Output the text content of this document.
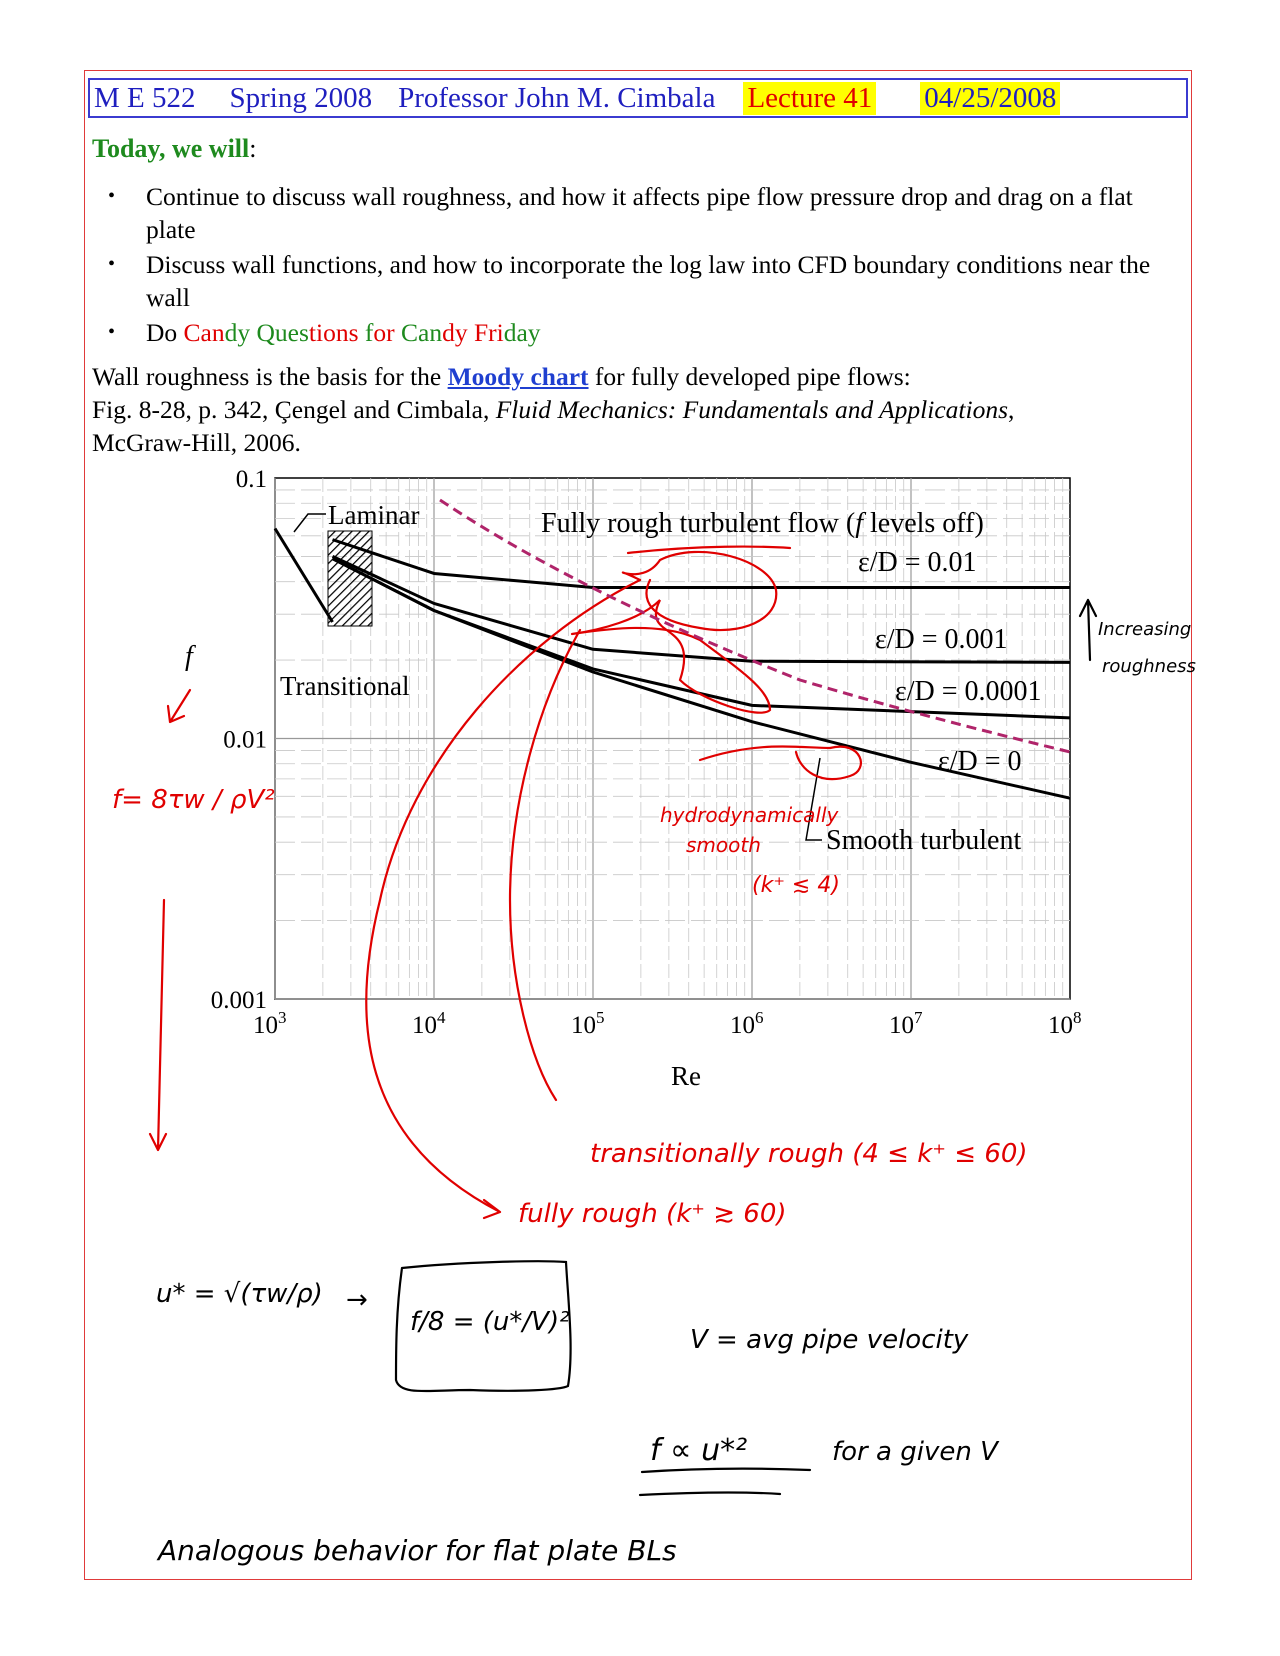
M E 522 Spring 2008 Professor John M. Cimbala Lecture 41 04/25/2008
Today, we will:
• Continue to discuss wall roughness, and how it affects pipe flow pressure drop and drag on a flat plate
• Discuss wall functions, and how to incorporate the log law into CFD boundary conditions near the wall
• Do Candy Questions for Candy Friday
Wall roughness is the basis for the Moody chart for fully developed pipe flows:
Fig. 8-28, p. 342, Çengel and Cimbala, Fluid Mechanics: Fundamentals and Applications,
McGraw-Hill, 2006.
$10^3$	$10^4$	$10^5$	$10^6$	$10^7$	$10^8$
0.1
0.01
0.001
Laminar
Transitional
Fully rough turbulent flow (f levels off)
ε/D = 0.01
ε/D = 0.001
ε/D = 0.0001
ε/D = 0
Smooth turbulent
Re
f
f= 8τw / ρV²	hydrodynamically
smooth
(k⁺ ≲ 4)
transitionally rough (4 ≤ k⁺ ≤ 60)
fully rough (k⁺ ≳ 60)
Increasing
roughness
u* = √(τw/ρ) →
f/8 = (u*/V)²
V = avg pipe velocity
f ∝ u*²	for a given V
Analogous behavior for flat plate BLs
